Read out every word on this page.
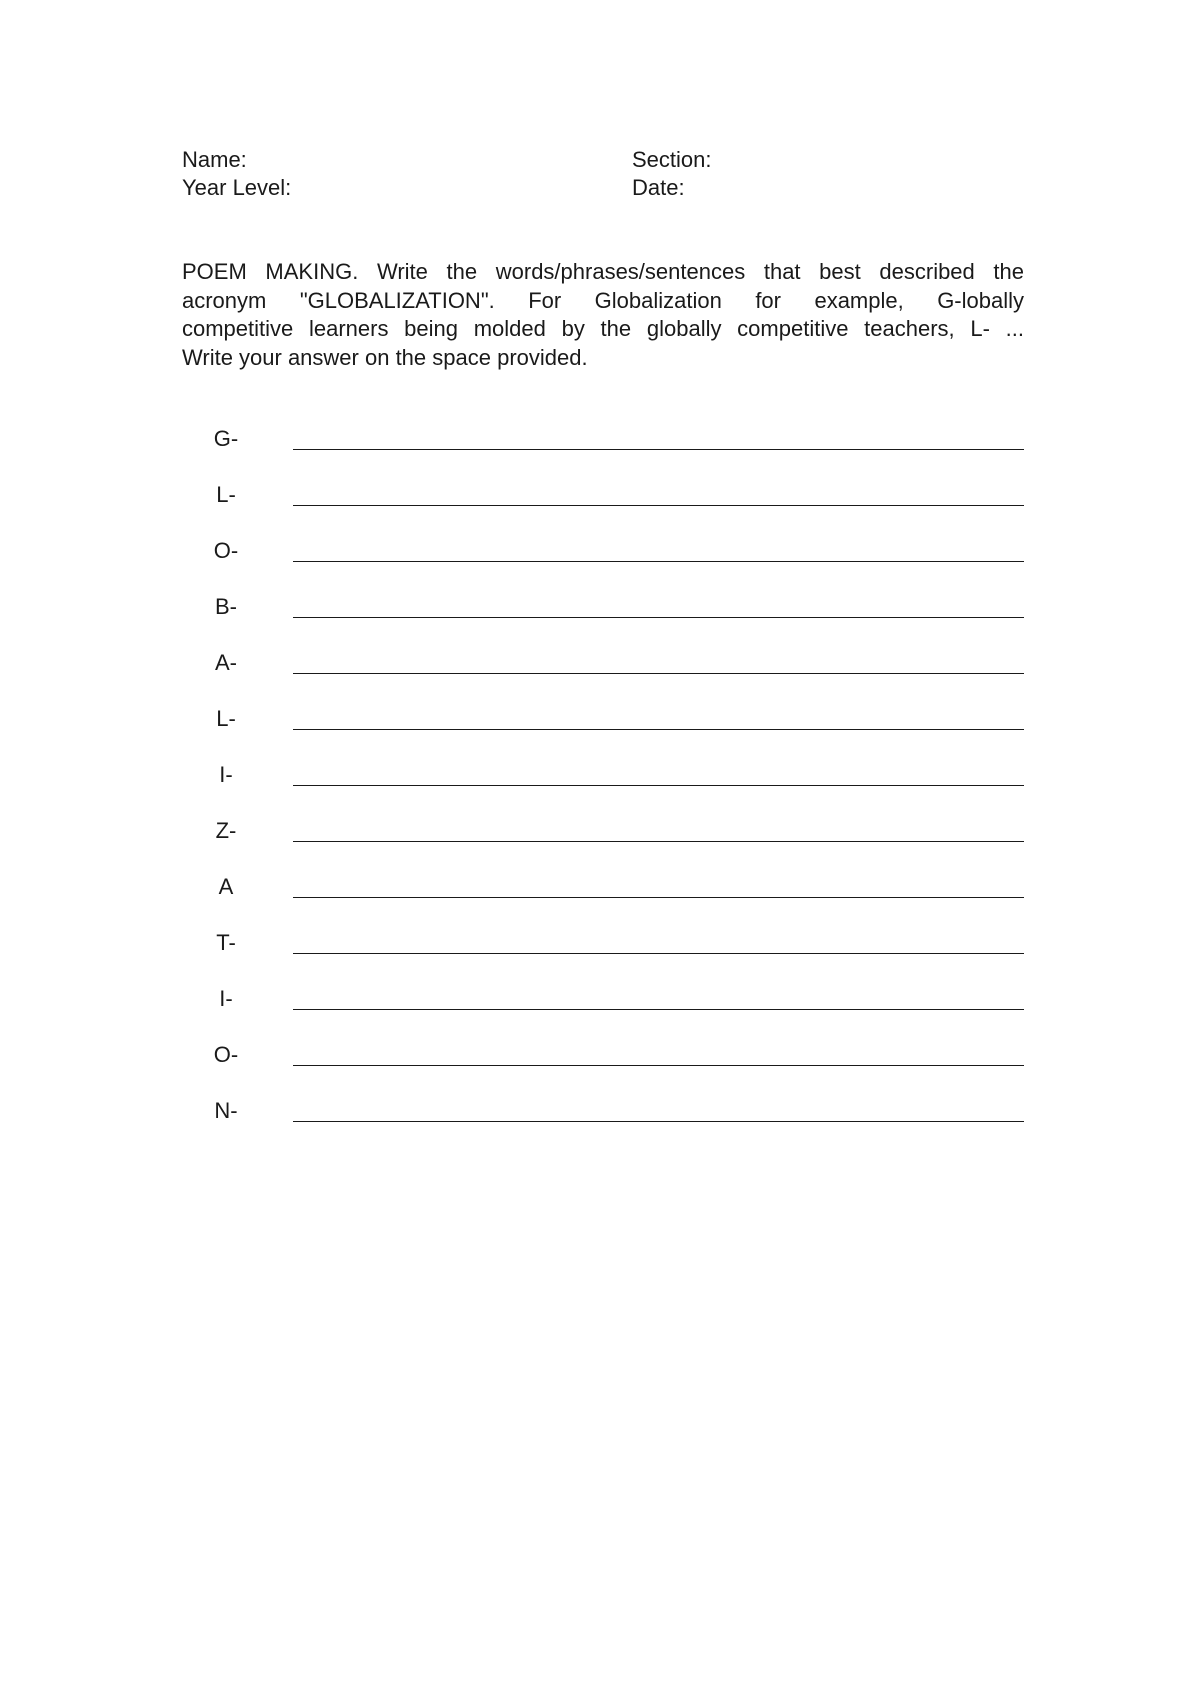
Name:	Section:
Year Level:	Date:

POEM MAKING. Write the words/phrases/sentences that best described the
acronym "GLOBALIZATION". For Globalization for example, G-lobally
competitive learners being molded by the globally competitive teachers, L- ...
Write your answer on the space provided.

G-
L-
O-
B-
A-
L-
I-
Z-
A
T-
I-
O-
N-
